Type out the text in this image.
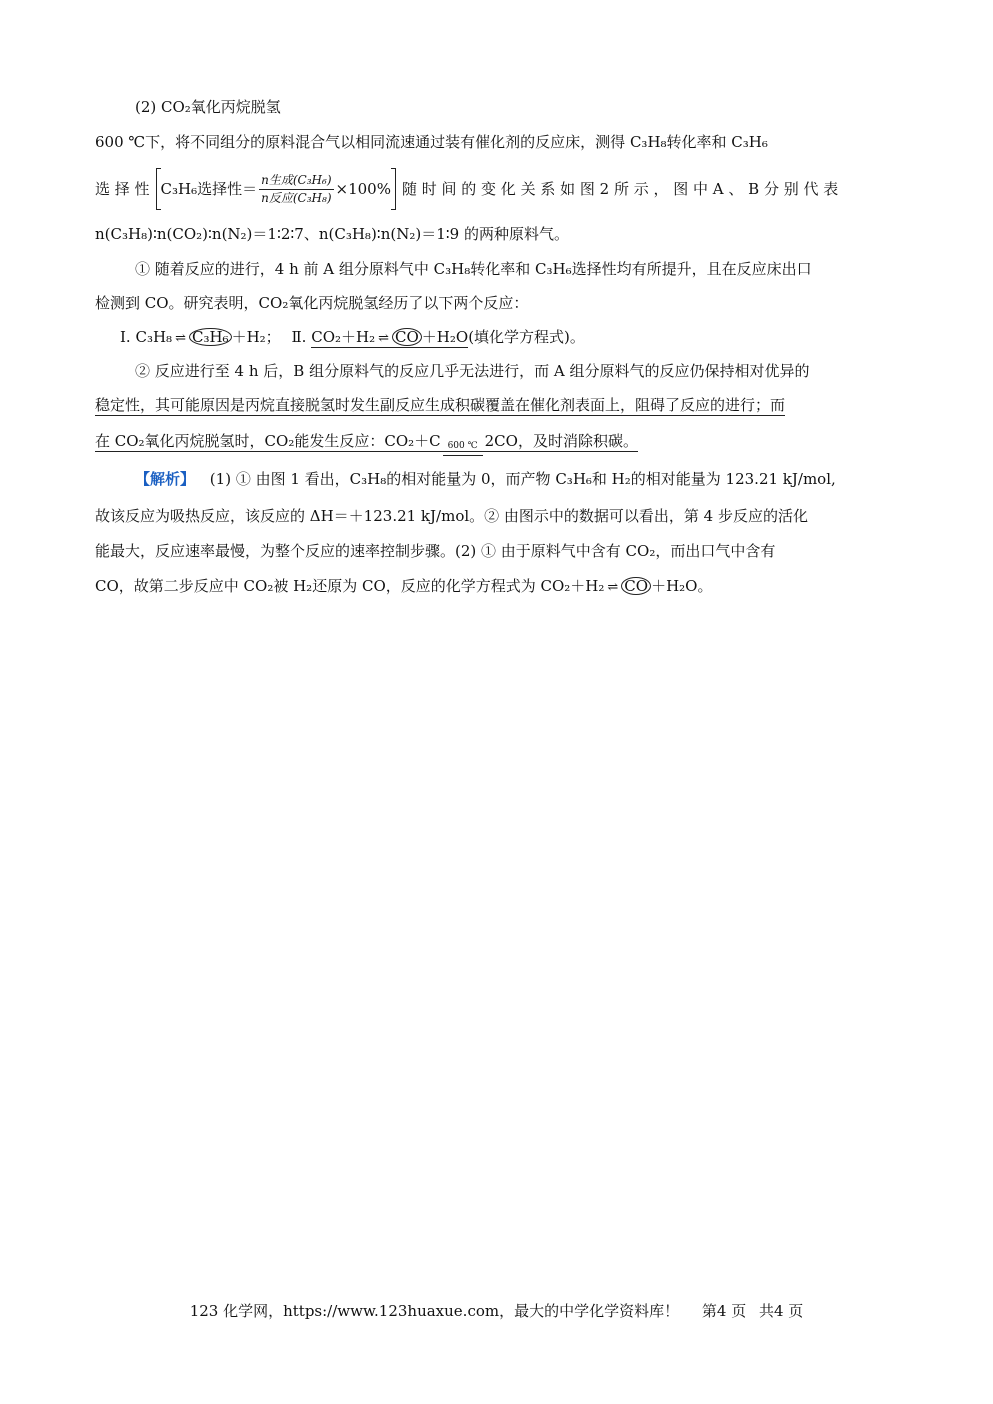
(2) CO₂氧化丙烷脱氢
600 ℃下，将不同组分的原料混合气以相同流速通过装有催化剂的反应床，测得 C₃H₈转化率和 C₃H₆
选 择 性 C₃H₆选择性＝ $\frac{\text{n生成(C₃H₆)}}{\text{n反应(C₃H₈)}} \times 100\%$ 随 时 间 的 变 化 关 系 如 图 2 所 示 ， 图 中 A 、 B 分 别 代 表
n(C₃H₈)∶n(CO₂)∶n(N₂)＝1∶2∶7、n(C₃H₈)∶n(N₂)＝1∶9 的两种原料气。
① 随着反应的进行，4 h 前 A 组分原料气中 C₃H₈转化率和 C₃H₆选择性均有所提升，且在反应床出口
检测到 CO。研究表明，CO₂氧化丙烷脱氢经历了以下两个反应：
Ⅰ. C₃H₈ ⇌ C₃H₆ ＋H₂； Ⅱ. CO₂＋H₂ ⇌ CO ＋H₂O(填化学方程式)。
② 反应进行至 4 h 后，B 组分原料气的反应几乎无法进行，而 A 组分原料气的反应仍保持相对优异的
稳定性，其可能原因是丙烷直接脱氢时发生副反应生成积碳覆盖在催化剂表面上，阻碍了反应的进行；而
在 CO₂氧化丙烷脱氢时，CO₂能发生反应：CO₂＋C 600 ℃ 2CO，及时消除积碳。
【解析】 (1) ① 由图 1 看出，C₃H₈的相对能量为 0，而产物 C₃H₆和 H₂的相对能量为 123.21 kJ/mol,
故该反应为吸热反应，该反应的 ΔH＝＋123.21 kJ/mol。② 由图示中的数据可以看出，第 4 步反应的活化
能最大，反应速率最慢，为整个反应的速率控制步骤。(2) ① 由于原料气中含有 CO₂，而出口气中含有
CO，故第二步反应中 CO₂被 H₂还原为 CO，反应的化学方程式为 CO₂＋H₂ ⇌ CO ＋H₂O。
123 化学网，https://www.123huaxue.com，最大的中学化学资料库！ 第4 页 共4 页
